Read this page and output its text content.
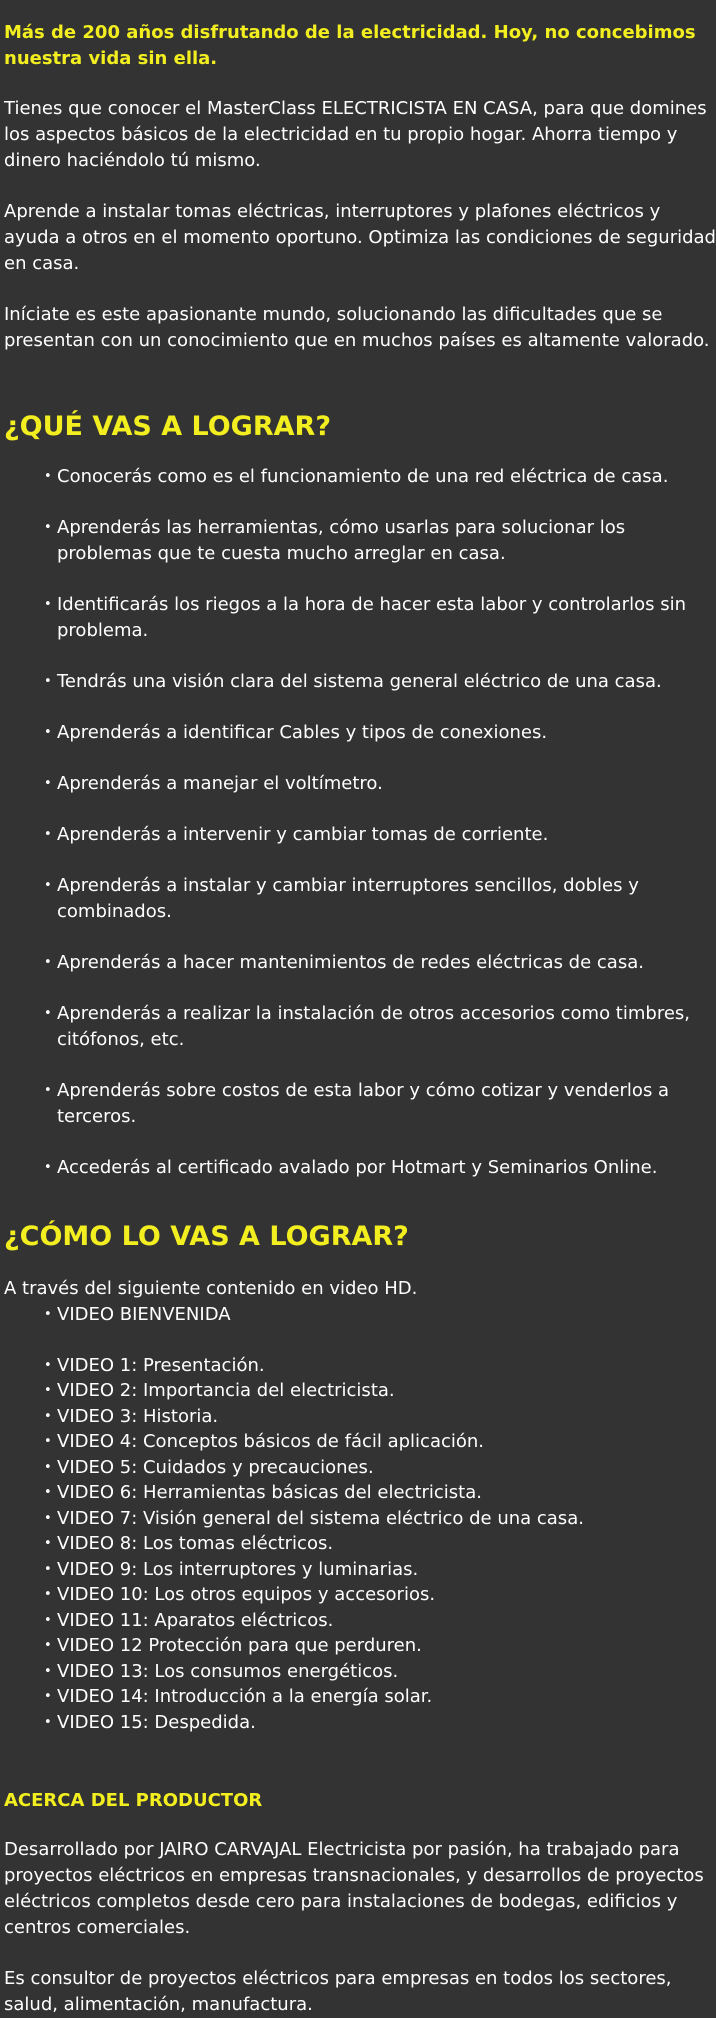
Más de 200 años disfrutando de la electricidad. Hoy, no concebimos nuestra vida sin ella.

Tienes que conocer el MasterClass ELECTRICISTA EN CASA, para que domines los aspectos básicos de la electricidad en tu propio hogar. Ahorra tiempo y dinero haciéndolo tú mismo.

Aprende a instalar tomas eléctricas, interruptores y plafones eléctricos y ayuda a otros en el momento oportuno. Optimiza las condiciones de seguridad en casa.

Iníciate es este apasionante mundo, solucionando las dificultades que se presentan con un conocimiento que en muchos países es altamente valorado.

¿QUÉ VAS A LOGRAR?
• Conocerás como es el funcionamiento de una red eléctrica de casa.
• Aprenderás las herramientas, cómo usarlas para solucionar los problemas que te cuesta mucho arreglar en casa.
• Identificarás los riegos a la hora de hacer esta labor y controlarlos sin problema.
• Tendrás una visión clara del sistema general eléctrico de una casa.
• Aprenderás a identificar Cables y tipos de conexiones.
• Aprenderás a manejar el voltímetro.
• Aprenderás a intervenir y cambiar tomas de corriente.
• Aprenderás a instalar y cambiar interruptores sencillos, dobles y combinados.
• Aprenderás a hacer mantenimientos de redes eléctricas de casa.
• Aprenderás a realizar la instalación de otros accesorios como timbres, citófonos, etc.
• Aprenderás sobre costos de esta labor y cómo cotizar y venderlos a terceros.
• Accederás al certificado avalado por Hotmart y Seminarios Online.
¿CÓMO LO VAS A LOGRAR?

A través del siguiente contenido en video HD.

• VIDEO BIENVENIDA
• VIDEO 1: Presentación.
• VIDEO 2: Importancia del electricista.
• VIDEO 3: Historia.
• VIDEO 4: Conceptos básicos de fácil aplicación.
• VIDEO 5: Cuidados y precauciones.
• VIDEO 6: Herramientas básicas del electricista.
• VIDEO 7: Visión general del sistema eléctrico de una casa.
• VIDEO 8: Los tomas eléctricos.
• VIDEO 9: Los interruptores y luminarias.
• VIDEO 10: Los otros equipos y accesorios.
• VIDEO 11: Aparatos eléctricos.
• VIDEO 12 Protección para que perduren.
• VIDEO 13: Los consumos energéticos.
• VIDEO 14: Introducción a la energía solar.
• VIDEO 15: Despedida.
ACERCA DEL PRODUCTOR

Desarrollado por JAIRO CARVAJAL Electricista por pasión, ha trabajado para proyectos eléctricos en empresas transnacionales, y desarrollos de proyectos eléctricos completos desde cero para instalaciones de bodegas, edificios y centros comerciales.

Es consultor de proyectos eléctricos para empresas en todos los sectores, salud, alimentación, manufactura.
